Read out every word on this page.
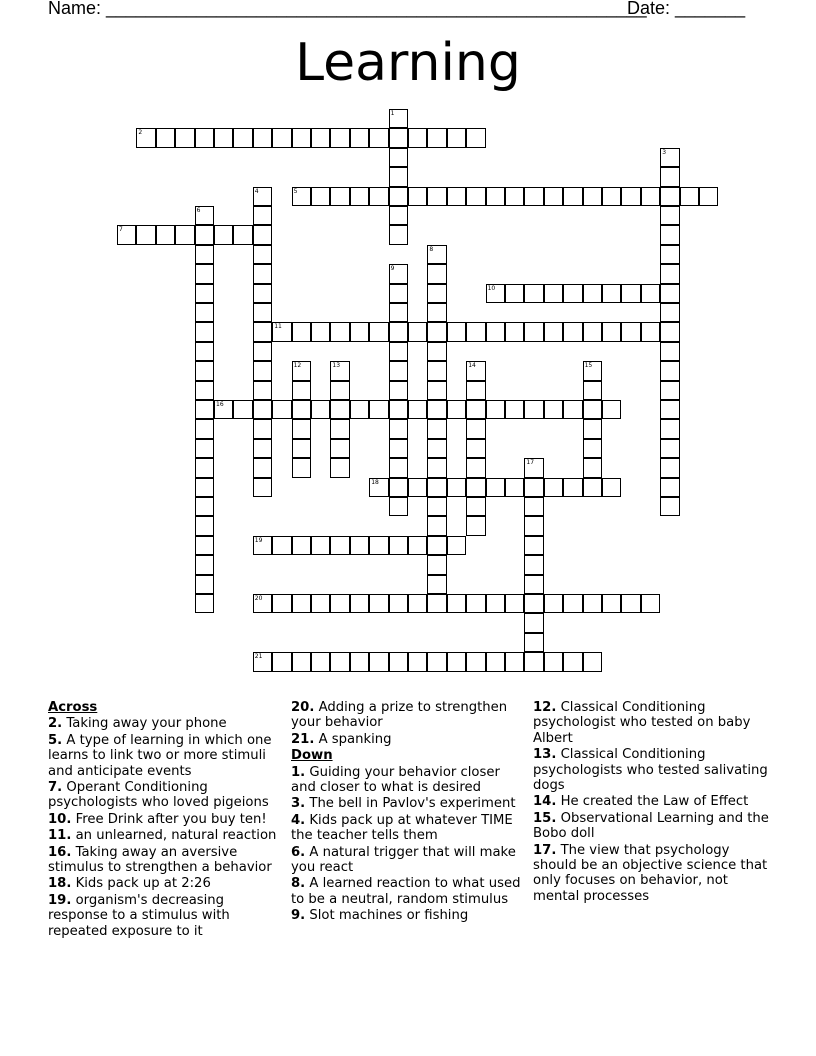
Name: ______________________________________________________
Date: _______
Learning
1
2
3
4	5
6
7
8
9
10
11
12	13	14	15
16
17
18
19
20
21
Across
2. Taking away your phone
5. A type of learning in which one learns to link two or more stimuli and anticipate events
7. Operant Conditioning psychologists who loved pigeions
10. Free Drink after you buy ten!
11. an unlearned, natural reaction
16. Taking away an aversive stimulus to strengthen a behavior
18. Kids pack up at 2:26
19. organism's decreasing response to a stimulus with repeated exposure to it
20. Adding a prize to strengthen your behavior
21. A spanking
Down
1. Guiding your behavior closer and closer to what is desired
3. The bell in Pavlov's experiment
4. Kids pack up at whatever TIME the teacher tells them
6. A natural trigger that will make you react
8. A learned reaction to what used to be a neutral, random stimulus
9. Slot machines or fishing
12. Classical Conditioning psychologist who tested on baby Albert
13. Classical Conditioning psychologists who tested salivating dogs
14. He created the Law of Effect
15. Observational Learning and the Bobo doll
17. The view that psychology should be an objective science that only focuses on behavior, not mental processes
